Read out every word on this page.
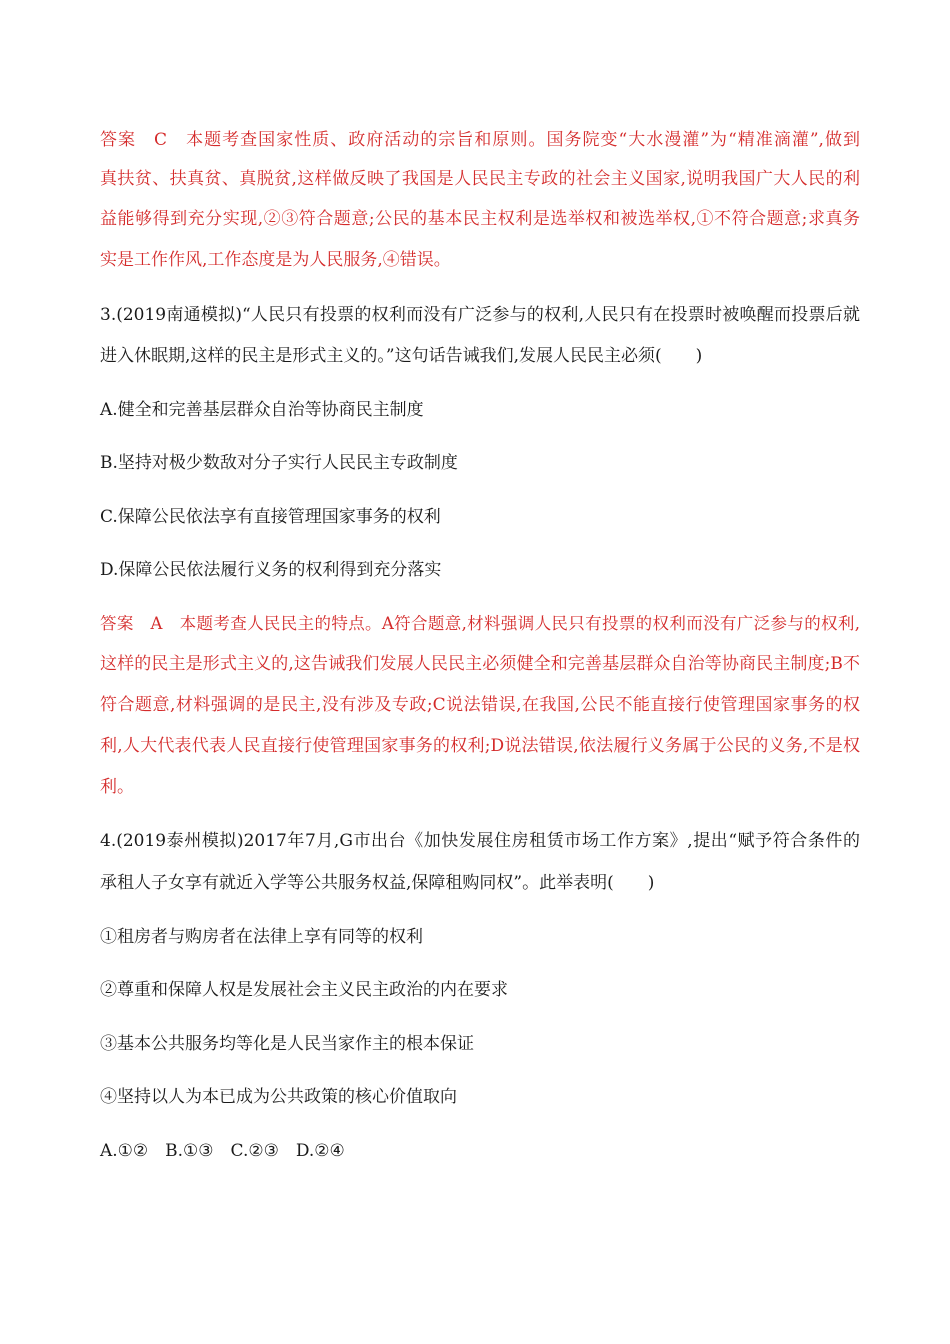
答案　C　本题考查国家性质、政府活动的宗旨和原则。国务院变“大水漫灌”为“精准滴灌”,做到
真扶贫、扶真贫、真脱贫,这样做反映了我国是人民民主专政的社会主义国家,说明我国广大人民的利
益能够得到充分实现,②③符合题意;公民的基本民主权利是选举权和被选举权,①不符合题意;求真务
实是工作作风,工作态度是为人民服务,④错误。
3.(2019南通模拟)“人民只有投票的权利而没有广泛参与的权利,人民只有在投票时被唤醒而投票后就
进入休眠期,这样的民主是形式主义的。”这句话告诫我们,发展人民民主必须(　　)
A.健全和完善基层群众自治等协商民主制度
B.坚持对极少数敌对分子实行人民民主专政制度
C.保障公民依法享有直接管理国家事务的权利
D.保障公民依法履行义务的权利得到充分落实
答案　A　本题考查人民民主的特点。A符合题意,材料强调人民只有投票的权利而没有广泛参与的权利,
这样的民主是形式主义的,这告诫我们发展人民民主必须健全和完善基层群众自治等协商民主制度;B不
符合题意,材料强调的是民主,没有涉及专政;C说法错误,在我国,公民不能直接行使管理国家事务的权
利,人大代表代表人民直接行使管理国家事务的权利;D说法错误,依法履行义务属于公民的义务,不是权
利。
4.(2019泰州模拟)2017年7月,G市出台《加快发展住房租赁市场工作方案》,提出“赋予符合条件的
承租人子女享有就近入学等公共服务权益,保障租购同权”。此举表明(　　)
①租房者与购房者在法律上享有同等的权利
②尊重和保障人权是发展社会主义民主政治的内在要求
③基本公共服务均等化是人民当家作主的根本保证
④坚持以人为本已成为公共政策的核心价值取向
A.①②　B.①③　C.②③　D.②④
